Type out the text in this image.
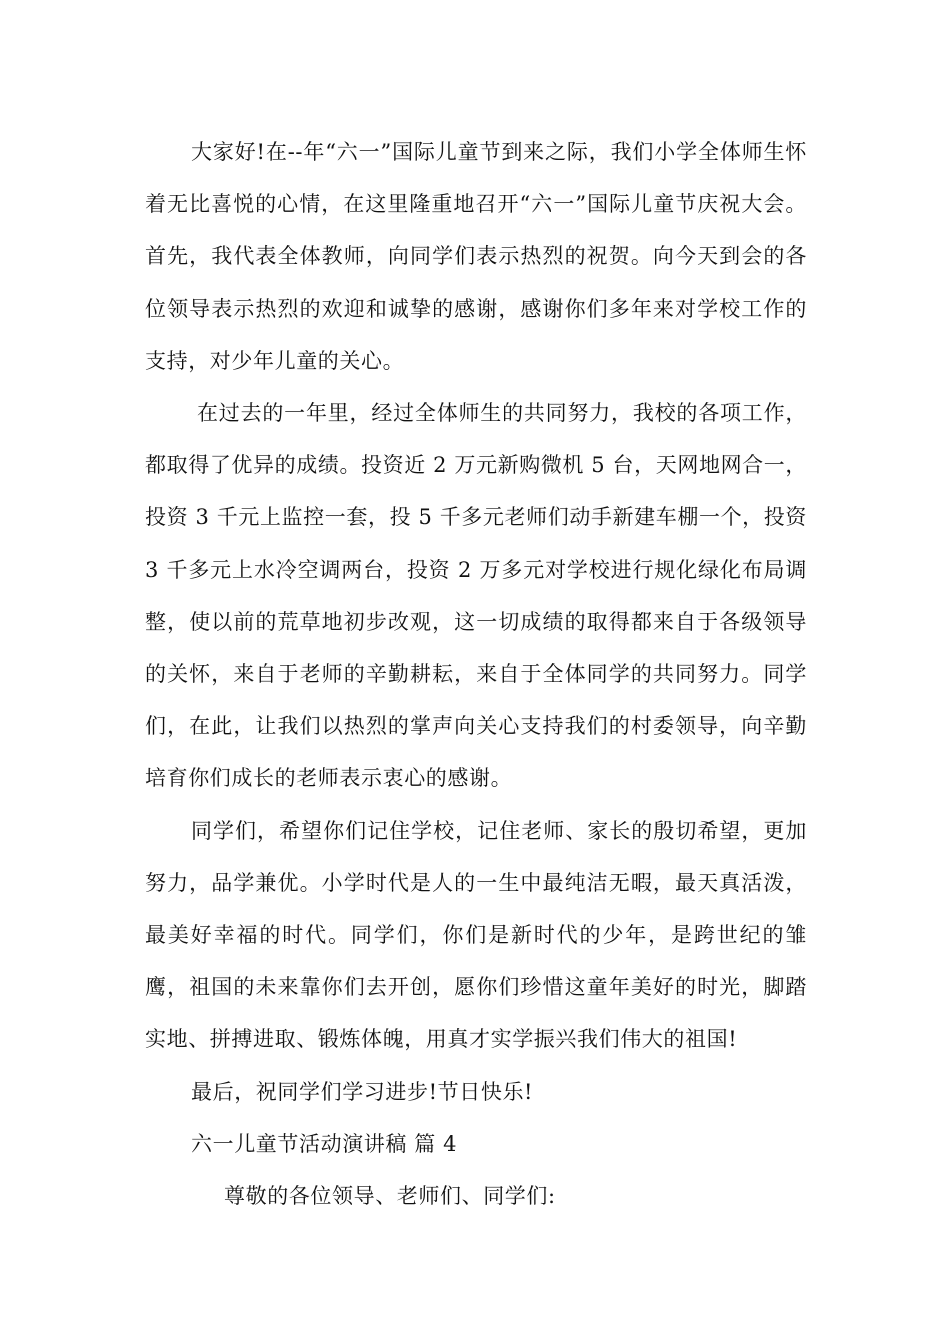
大家好!在--年“六一”国际儿童节到来之际，我们小学全体师生怀着无比喜悦的心情，在这里隆重地召开“六一”国际儿童节庆祝大会。首先，我代表全体教师，向同学们表示热烈的祝贺。向今天到会的各位领导表示热烈的欢迎和诚挚的感谢，感谢你们多年来对学校工作的支持，对少年儿童的关心。

在过去的一年里，经过全体师生的共同努力，我校的各项工作，都取得了优异的成绩。投资近 2 万元新购微机 5 台，天网地网合一，投资 3 千元上监控一套，投 5 千多元老师们动手新建车棚一个，投资 3 千多元上水冷空调两台，投资 2 万多元对学校进行规化绿化布局调整，使以前的荒草地初步改观，这一切成绩的取得都来自于各级领导的关怀，来自于老师的辛勤耕耘，来自于全体同学的共同努力。同学们，在此，让我们以热烈的掌声向关心支持我们的村委领导，向辛勤培育你们成长的老师表示衷心的感谢。

同学们，希望你们记住学校，记住老师、家长的殷切希望，更加努力，品学兼优。小学时代是人的一生中最纯洁无暇，最天真活泼，最美好幸福的时代。同学们，你们是新时代的少年，是跨世纪的雏鹰，祖国的未来靠你们去开创，愿你们珍惜这童年美好的时光，脚踏实地、拼搏进取、锻炼体魄，用真才实学振兴我们伟大的祖国!

最后，祝同学们学习进步!节日快乐!

六一儿童节活动演讲稿 篇 4

尊敬的各位领导、老师们、同学们:
